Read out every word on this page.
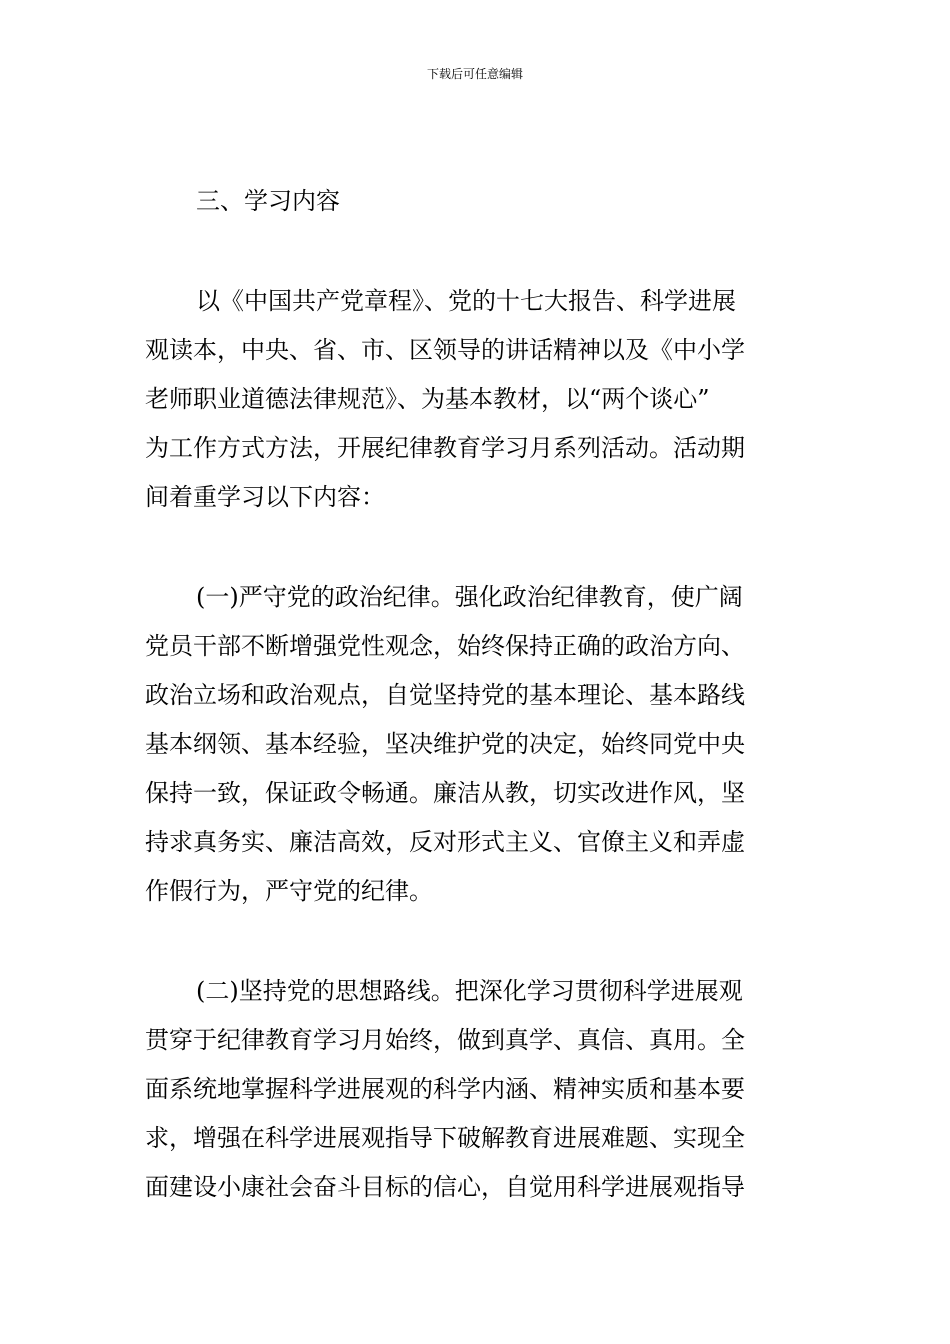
下载后可任意编辑
三、学习内容
以《中国共产党章程》、党的十七大报告、科学进展
观读本，中央、省、市、区领导的讲话精神以及《中小学
老师职业道德法律规范》、为基本教材，以“两个谈心”
为工作方式方法，开展纪律教育学习月系列活动。活动期
间着重学习以下内容：
(一)严守党的政治纪律。强化政治纪律教育，使广阔
党员干部不断增强党性观念，始终保持正确的政治方向、
政治立场和政治观点，自觉坚持党的基本理论、基本路线
基本纲领、基本经验，坚决维护党的决定，始终同党中央
保持一致，保证政令畅通。廉洁从教，切实改进作风，坚
持求真务实、廉洁高效，反对形式主义、官僚主义和弄虚
作假行为，严守党的纪律。
(二)坚持党的思想路线。把深化学习贯彻科学进展观
贯穿于纪律教育学习月始终，做到真学、真信、真用。全
面系统地掌握科学进展观的科学内涵、精神实质和基本要
求，增强在科学进展观指导下破解教育进展难题、实现全
面建设小康社会奋斗目标的信心，自觉用科学进展观指导
